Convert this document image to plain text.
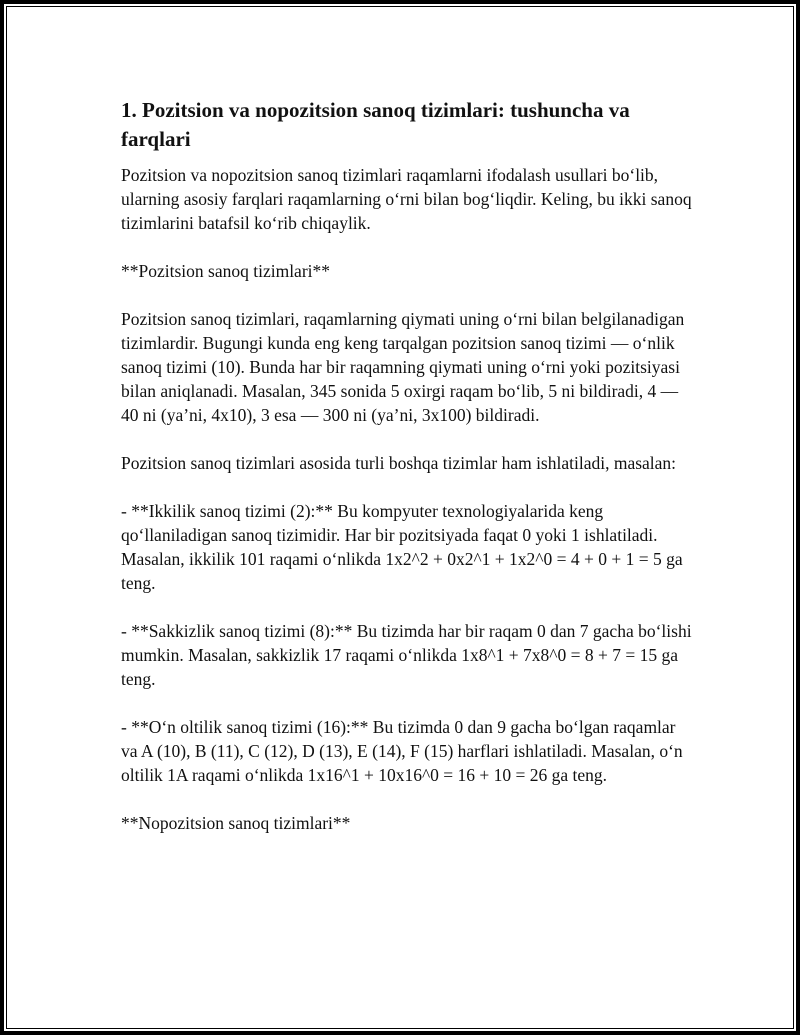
1. Pozitsion va nopozitsion sanoq tizimlari: tushuncha va farqlari

Pozitsion va nopozitsion sanoq tizimlari raqamlarni ifodalash usullari bo‘lib, ularning asosiy farqlari raqamlarning o‘rni bilan bog‘liqdir. Keling, bu ikki sanoq tizimlarini batafsil ko‘rib chiqaylik.

**Pozitsion sanoq tizimlari**

Pozitsion sanoq tizimlari, raqamlarning qiymati uning o‘rni bilan belgilanadigan tizimlardir. Bugungi kunda eng keng tarqalgan pozitsion sanoq tizimi — o‘nlik sanoq tizimi (10). Bunda har bir raqamning qiymati uning o‘rni yoki pozitsiyasi bilan aniqlanadi. Masalan, 345 sonida 5 oxirgi raqam bo‘lib, 5 ni bildiradi, 4 — 40 ni (ya’ni, 4x10), 3 esa — 300 ni (ya’ni, 3x100) bildiradi.

Pozitsion sanoq tizimlari asosida turli boshqa tizimlar ham ishlatiladi, masalan:

- **Ikkilik sanoq tizimi (2):** Bu kompyuter texnologiyalarida keng qo‘llaniladigan sanoq tizimidir. Har bir pozitsiyada faqat 0 yoki 1 ishlatiladi. Masalan, ikkilik 101 raqami o‘nlikda 1x2^2 + 0x2^1 + 1x2^0 = 4 + 0 + 1 = 5 ga teng.

- **Sakkizlik sanoq tizimi (8):** Bu tizimda har bir raqam 0 dan 7 gacha bo‘lishi mumkin. Masalan, sakkizlik 17 raqami o‘nlikda 1x8^1 + 7x8^0 = 8 + 7 = 15 ga teng.

- **O‘n oltilik sanoq tizimi (16):** Bu tizimda 0 dan 9 gacha bo‘lgan raqamlar va A (10), B (11), C (12), D (13), E (14), F (15) harflari ishlatiladi. Masalan, o‘n oltilik 1A raqami o‘nlikda 1x16^1 + 10x16^0 = 16 + 10 = 26 ga teng.

**Nopozitsion sanoq tizimlari**
